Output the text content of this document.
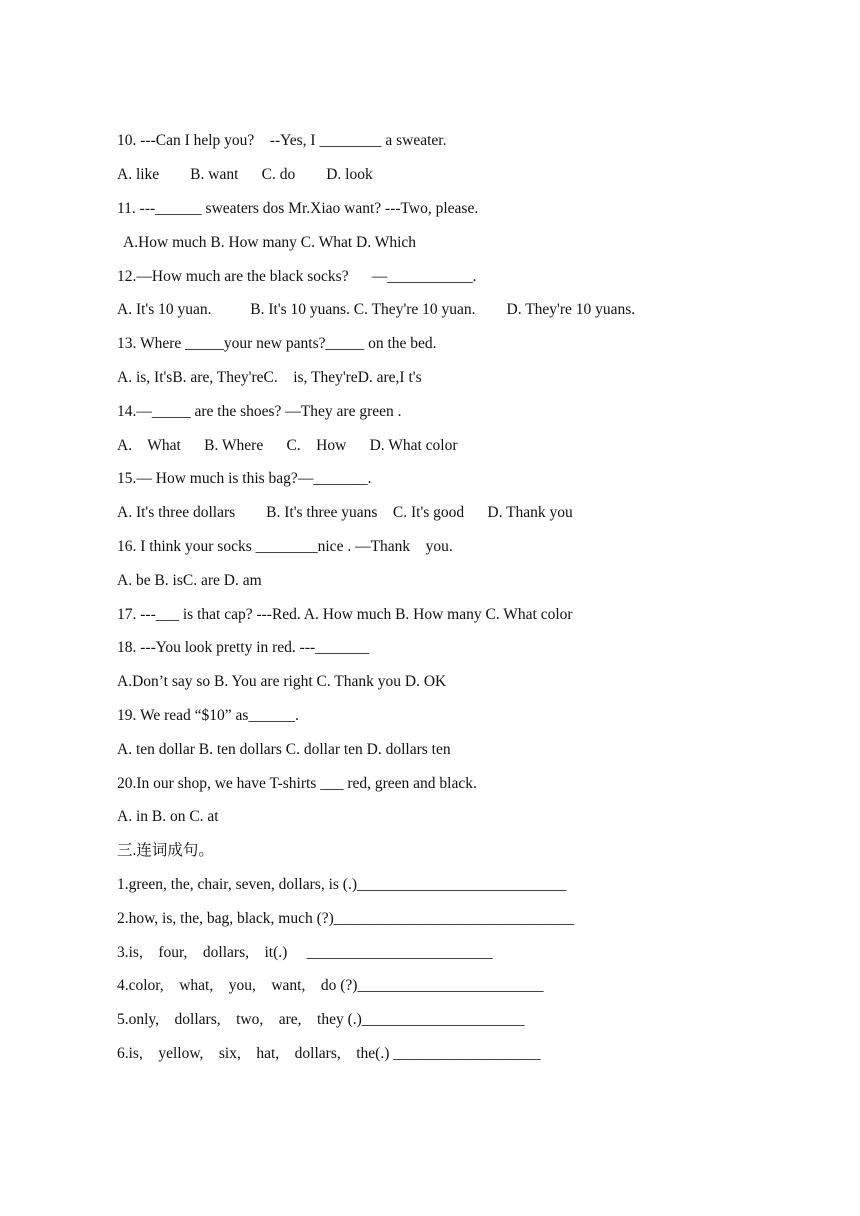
10. ---Can I help you?    --Yes, I ________ a sweater.

A. like        B. want      C. do        D. look

11. ---______ sweaters dos Mr.Xiao want? ---Two, please.

A.How much B. How many C. What D. Which

12.—How much are the black socks?      —___________.

A. It's 10 yuan.          B. It's 10 yuans. C. They're 10 yuan.        D. They're 10 yuans.

13. Where _____your new pants?_____ on the bed.

A. is, It'sB. are, They'reC.    is, They'reD. are,I t's

14.—_____ are the shoes? —They are green .

A.    What      B. Where      C.    How      D. What color

15.— How much is this bag?—_______.

A. It's three dollars        B. It's three yuans    C. It's good      D. Thank you

16. I think your socks ________nice . —Thank    you.

A. be B. isC. are D. am

17. ---___ is that cap? ---Red. A. How much B. How many C. What color

18. ---You look pretty in red. ---_______

A.Don’t say so B. You are right C. Thank you D. OK

19. We read “$10” as______.

A. ten dollar B. ten dollars C. dollar ten D. dollars ten

20.In our shop, we have T-shirts ___ red, green and black.

A. in B. on C. at

三.连词成句。

1.green, the, chair, seven, dollars, is (.)___________________________

2.how, is, the, bag, black, much (?)_______________________________

3.is,    four,    dollars,    it(.)     ________________________

4.color,    what,    you,    want,    do (?)________________________

5.only,    dollars,    two,    are,    they (.)_____________________

6.is,    yellow,    six,    hat,    dollars,    the(.) ___________________
